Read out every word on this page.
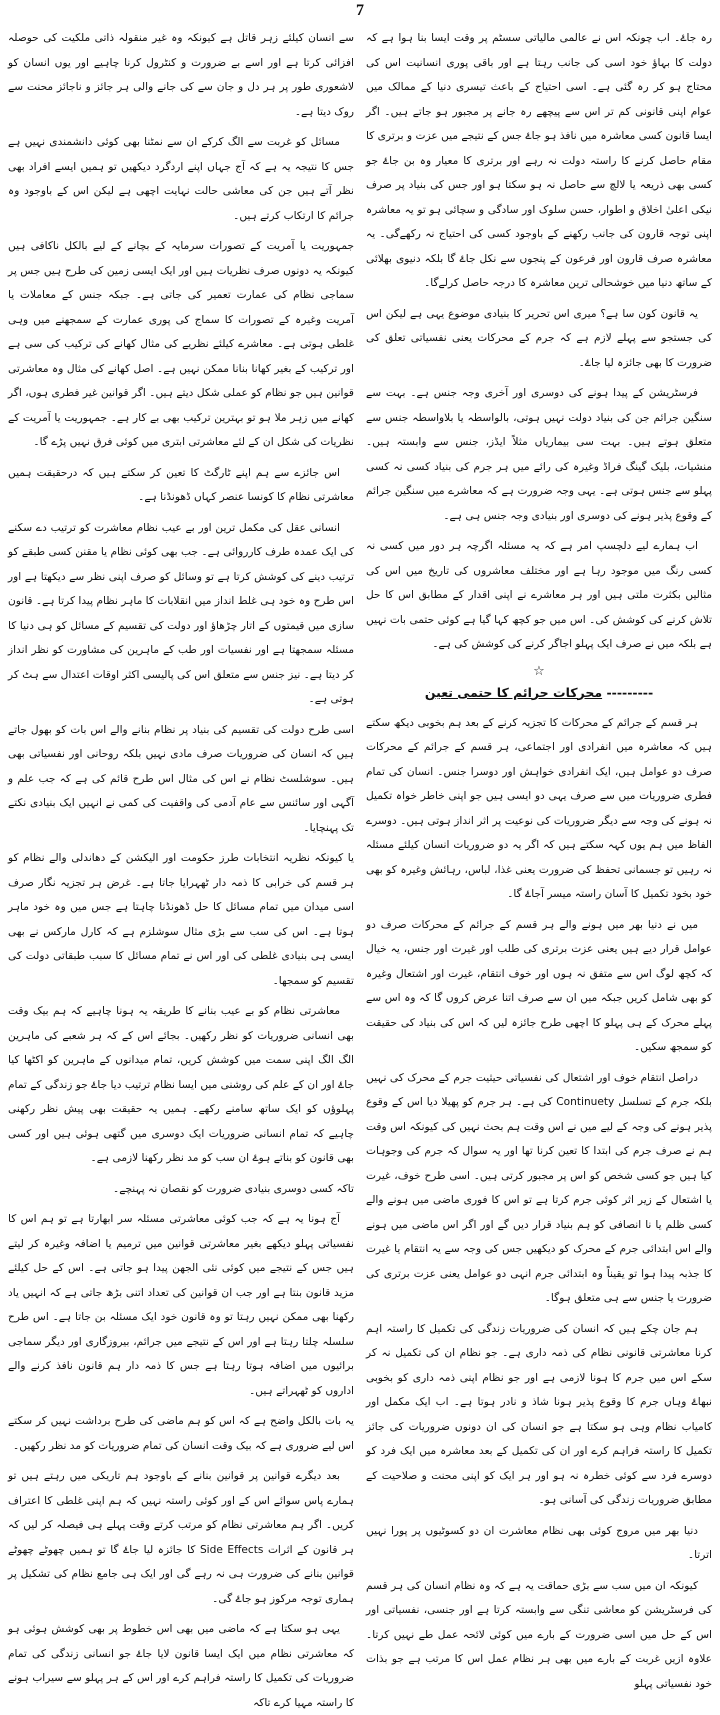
7

سے انسان کیلئے زہر قاتل ہے کیونکہ وہ غیر منقولہ ذاتی ملکیت کی حوصلہ افزائی کرتا ہے اور اسے بے ضرورت و کنٹرول کرنا چاہیے اور یوں انسان کو لاشعوری طور پر ہر دل و جان سے کی جانے والی ہر جائز و ناجائز محنت سے روک دیتا ہے۔

مسائل کو غربت سے الگ کرکے ان سے نمٹنا بھی کوئی دانشمندی نہیں ہے جس کا نتیجہ یہ ہے کہ آج جہاں اپنے اردگرد دیکھیں تو ہمیں ایسے افراد بھی نظر آتے ہیں جن کی معاشی حالت نہایت اچھی ہے لیکن اس کے باوجود وہ جرائم کا ارتکاب کرتے ہیں۔

جمہوریت یا آمریت کے تصورات سرمایہ کے بچانے کے لیے بالکل ناکافی ہیں کیونکہ یہ دونوں صرف نظریات ہیں اور ایک ایسی زمین کی طرح ہیں جس پر سماجی نظام کی عمارت تعمیر کی جاتی ہے۔ جبکہ جنس کے معاملات یا آمریت وغیرہ کے تصورات کا سماج کی پوری عمارت کے سمجھنے میں وہی غلطی ہوتی ہے۔ معاشرے کیلئے نظریے کی مثال کھانے کی ترکیب کی سی ہے اور ترکیب کے بغیر کھانا بنانا ممکن نہیں ہے۔ اصل کھانے کی مثال وہ معاشرتی قوانین ہیں جو نظام کو عملی شکل دیتے ہیں۔ اگر قوانین غیر فطری ہوں، اگر کھانے میں زہر ملا ہو تو بہترین ترکیب بھی بے کار ہے۔ جمہوریت یا آمریت کے نظریات کی شکل ان کے لئے معاشرتی ابتری میں کوئی فرق نہیں پڑے گا۔

اس جائزے سے ہم اپنے ٹارگٹ کا تعین کر سکتے ہیں کہ درحقیقت ہمیں معاشرتی نظام کا کونسا عنصر کہاں ڈھونڈنا ہے۔

انسانی عقل کی مکمل ترین اور بے عیب نظام معاشرت کو ترتیب دے سکنے کی ایک عمدہ طرف کارروائی ہے۔ جب بھی کوئی نظام یا مقنن کسی طبقے کو ترتیب دینے کی کوشش کرتا ہے تو وسائل کو صرف اپنی نظر سے دیکھتا ہے اور اس طرح وہ خود ہی غلط انداز میں انقلابات کا ماہر نظام پیدا کرتا ہے۔ قانون سازی میں قیمتوں کے اتار چڑھاؤ اور دولت کی تقسیم کے مسائل کو ہی دنیا کا مسئلہ سمجھتا ہے اور نفسیات اور طب کے ماہرین کی مشاورت کو نظر انداز کر دیتا ہے۔ نیز جنس سے متعلق اس کی پالیسی اکثر اوقات اعتدال سے ہٹ کر ہوتی ہے۔

اسی طرح دولت کی تقسیم کی بنیاد پر نظام بنانے والے اس بات کو بھول جاتے ہیں کہ انسان کی ضروریات صرف مادی نہیں بلکہ روحانی اور نفسیاتی بھی ہیں۔ سوشلسٹ نظام نے اس کی مثال اس طرح قائم کی ہے کہ جب علم و آگہی اور سائنس سے عام آدمی کی واقفیت کی کمی نے انہیں ایک بنیادی نکتے تک پہنچایا۔

یا کیونکہ نظریہ انتخابات طرز حکومت اور الیکشن کے دھاندلی والے نظام کو ہر قسم کی خرابی کا ذمہ دار ٹھہرایا جاتا ہے۔ غرض ہر تجزیہ نگار صرف اسی میدان میں تمام مسائل کا حل ڈھونڈنا چاہتا ہے جس میں وہ خود ماہر ہوتا ہے۔ اس کی سب سے بڑی مثال سوشلزم ہے کہ کارل مارکس نے بھی ایسی ہی بنیادی غلطی کی اور اس نے تمام مسائل کا سبب طبقاتی دولت کی تقسیم کو سمجھا۔

معاشرتی نظام کو بے عیب بنانے کا طریقہ یہ ہونا چاہیے کہ ہم بیک وقت بھی انسانی ضروریات کو نظر رکھیں۔ بجائے اس کے کہ ہر شعبے کی ماہرین الگ الگ اپنی سمت میں کوشش کریں، تمام میدانوں کے ماہرین کو اکٹھا کیا جاۓ اور ان کے علم کی روشنی میں ایسا نظام ترتیب دیا جاۓ جو زندگی کے تمام پہلوؤں کو ایک ساتھ سامنے رکھے۔ ہمیں یہ حقیقت بھی پیش نظر رکھنی چاہیے کہ تمام انسانی ضروریات ایک دوسری میں گتھی ہوئی ہیں اور کسی بھی قانون کو بناتے ہوۓ ان سب کو مد نظر رکھنا لازمی ہے۔

تاکہ کسی دوسری بنیادی ضرورت کو نقصان نہ پہنچے۔

آج ہونا یہ ہے کہ جب کوئی معاشرتی مسئلہ سر ابھارتا ہے تو ہم اس کا نفسیاتی پہلو دیکھے بغیر معاشرتی قوانین میں ترمیم یا اضافہ وغیرہ کر لیتے ہیں جس کے نتیجے میں کوئی نئی الجھن پیدا ہو جاتی ہے۔ اس کے حل کیلئے مزید قانون بنتا ہے اور جب ان قوانین کی تعداد اتنی بڑھ جاتی ہے کہ انہیں یاد رکھنا بھی ممکن نہیں رہتا تو وہ قانون خود ایک مسئلہ بن جاتا ہے۔ اس طرح سلسلہ چلتا رہتا ہے اور اس کے نتیجے میں جرائم، بیروزگاری اور دیگر سماجی برائیوں میں اضافہ ہوتا رہتا ہے جس کا ذمہ دار ہم قانون نافذ کرنے والے اداروں کو ٹھہراتے ہیں۔

یہ بات بالکل واضح ہے کہ اس کو ہم ماضی کی طرح برداشت نہیں کر سکتے اس لیے ضروری ہے کہ بیک وقت انسان کی تمام ضروریات کو مد نظر رکھیں۔

بعد دیگرے قوانین پر قوانین بنانے کے باوجود ہم تاریکی میں رہتے ہیں تو ہمارے پاس سوائے اس کے اور کوئی راستہ نہیں کہ ہم اپنی غلطی کا اعتراف کریں۔ اگر ہم معاشرتی نظام کو مرتب کرتے وقت پہلے ہی فیصلہ کر لیں کہ ہر قانون کے اثرات Side Effects کا جائزہ لیا جاۓ گا تو ہمیں چھوٹے چھوٹے قوانین بنانے کی ضرورت ہی نہ رہے گی اور ایک ہی جامع نظام کی تشکیل پر ہماری توجہ مرکوز ہو جاۓ گی۔

یہی ہو سکتا ہے کہ ماضی میں بھی اس خطوط پر بھی کوشش ہوئی ہو کہ معاشرتی نظام میں ایک ایسا قانون لایا جاۓ جو انسانی زندگی کی تمام ضروریات کی تکمیل کا راستہ فراہم کرے اور اس کے ہر پہلو سے سیراب ہونے کا راستہ مہیا کرے تاکہ

رہ جاۓ۔ اب چونکہ اس نے عالمی مالیاتی سسٹم پر وقت ایسا بنا ہوا ہے کہ دولت کا بہاؤ خود اسی کی جانب رہتا ہے اور باقی پوری انسانیت اس کی محتاج ہو کر رہ گئی ہے۔ اسی احتیاج کے باعث تیسری دنیا کے ممالک میں عوام اپنی قانونی کم تر اس سے پیچھے رہ جانے پر مجبور ہو جاتے ہیں۔ اگر ایسا قانون کسی معاشرہ میں نافذ ہو جاۓ جس کے نتیجے میں عزت و برتری کا مقام حاصل کرنے کا راستہ دولت نہ رہے اور برتری کا معیار وہ بن جاۓ جو کسی بھی ذریعہ یا لالچ سے حاصل نہ ہو سکتا ہو اور جس کی بنیاد پر صرف نیکی اعلیٰ اخلاق و اطوار، حسن سلوک اور سادگی و سچائی ہو تو یہ معاشرہ اپنی توجہ قارون کی جانب رکھنے کے باوجود کسی کی احتیاج نہ رکھےگی۔ یہ معاشرہ صرف قارون اور فرعون کے پنجوں سے نکل جاۓ گا بلکہ دنیوی بھلائی کے ساتھ دنیا میں خوشحالی ترین معاشرہ کا درجہ حاصل کرلےگا۔

یہ قانون کون سا ہے؟ میری اس تحریر کا بنیادی موضوع یہی ہے لیکن اس کی جستجو سے پہلے لازم ہے کہ جرم کے محرکات یعنی نفسیاتی تعلق کی ضرورت کا بھی جائزہ لیا جاۓ۔

فرسٹریشن کے پیدا ہونے کی دوسری اور آخری وجہ جنس ہے۔ بہت سے سنگین جرائم جن کی بنیاد دولت نہیں ہوتی، بالواسطہ یا بلاواسطہ جنس سے متعلق ہوتے ہیں۔ بہت سی بیماریاں مثلاً ایڈز، جنس سے وابستہ ہیں۔ منشیات، بلیک گینگ فراڈ وغیرہ کی رائے میں ہر جرم کی بنیاد کسی نہ کسی پہلو سے جنس ہوتی ہے۔ یہی وجہ ضرورت ہے کہ معاشرے میں سنگین جرائم کے وقوع پذیر ہونے کی دوسری اور بنیادی وجہ جنس ہی ہے۔

اب ہمارے لیے دلچسپ امر ہے کہ یہ مسئلہ اگرچہ ہر دور میں کسی نہ کسی رنگ میں موجود رہا ہے اور مختلف معاشروں کی تاریخ میں اس کی مثالیں بکثرت ملتی ہیں اور ہر معاشرے نے اپنی اقدار کے مطابق اس کا حل تلاش کرنے کی کوشش کی۔ اس میں جو کچھ کہا گیا ہے کوئی حتمی بات نہیں ہے بلکہ میں نے صرف ایک پہلو اجاگر کرنے کی کوشش کی ہے۔

☆
--------- محرکات جرائم کا حتمی تعین

ہر قسم کے جرائم کے محرکات کا تجزیہ کرنے کے بعد ہم بخوبی دیکھ سکتے ہیں کہ معاشرہ میں انفرادی اور اجتماعی، ہر قسم کے جرائم کے محرکات صرف دو عوامل ہیں، ایک انفرادی خواہش اور دوسرا جنس۔ انسان کی تمام فطری ضروریات میں سے صرف یہی دو ایسی ہیں جو اپنی خاطر خواہ تکمیل نہ ہونے کی وجہ سے دیگر ضروریات کی نوعیت پر اثر انداز ہوتی ہیں۔ دوسرے الفاظ میں ہم یوں کہہ سکتے ہیں کہ اگر یہ دو ضروریات انسان کیلئے مسئلہ نہ رہیں تو جسمانی تحفظ کی ضرورت یعنی غذا، لباس، رہائش وغیرہ کو بھی خود بخود تکمیل کا آسان راستہ میسر آجاۓ گا۔

میں نے دنیا بھر میں ہونے والے ہر قسم کے جرائم کے محرکات صرف دو عوامل قرار دیے ہیں یعنی عزت برتری کی طلب اور غیرت اور جنس، یہ خیال کہ کچھ لوگ اس سے متفق نہ ہوں اور خوف انتقام، غیرت اور اشتعال وغیرہ کو بھی شامل کریں جبکہ میں ان سے صرف اتنا عرض کروں گا کہ وہ اس سے پہلے محرک کے ہی پہلو کا اچھی طرح جائزہ لیں کہ اس کی بنیاد کی حقیقت کو سمجھ سکیں۔

دراصل انتقام خوف اور اشتعال کی نفسیاتی حیثیت جرم کے محرک کی نہیں بلکہ جرم کے تسلسل Continuety کی ہے۔ ہر جرم کو پھیلا دیا اس کے وقوع پذیر ہونے کی وجہ کے لیے میں نے اس وقت ہم بحث نہیں کی کیونکہ اس وقت ہم نے صرف جرم کی ابتدا کا تعین کرنا تھا اور یہ سوال کہ جرم کی وجوہات کیا ہیں جو کسی شخص کو اس پر مجبور کرتی ہیں۔ اسی طرح خوف، غیرت یا اشتعال کے زیر اثر کوئی جرم کرتا ہے تو اس کا فوری ماضی میں ہونے والے کسی ظلم یا نا انصافی کو ہم بنیاد قرار دیں گے اور اگر اس ماضی میں ہونے والے اس ابتدائی جرم کے محرک کو دیکھیں جس کی وجہ سے یہ انتقام یا غیرت کا جذبہ پیدا ہوا تو یقیناً وہ ابتدائی جرم انہی دو عوامل یعنی عزت برتری کی ضرورت یا جنس سے ہی متعلق ہوگا۔

ہم جان چکے ہیں کہ انسان کی ضروریات زندگی کی تکمیل کا راستہ اہم کرنا معاشرتی قانونی نظام کی ذمہ داری ہے۔ جو نظام ان کی تکمیل نہ کر سکے اس میں جرم کا ہونا لازمی ہے اور جو نظام اپنی ذمہ داری کو بخوبی نبھاۓ وہاں جرم کا وقوع پذیر ہونا شاذ و نادر ہوتا ہے۔ اب ایک مکمل اور کامیاب نظام وہی ہو سکتا ہے جو انسان کی ان دونوں ضروریات کی جائز تکمیل کا راستہ فراہم کرے اور ان کی تکمیل کے بعد معاشرہ میں ایک فرد کو دوسرے فرد سے کوئی خطرہ نہ ہو اور ہر ایک کو اپنی محنت و صلاحیت کے مطابق ضروریات زندگی کی آسانی ہو۔

دنیا بھر میں مروج کوئی بھی نظام معاشرت ان دو کسوٹیوں پر پورا نہیں اترتا۔

کیونکہ ان میں سب سے بڑی حماقت یہ ہے کہ وہ نظام انسان کی ہر قسم کی فرسٹریشن کو معاشی تنگی سے وابستہ کرتا ہے اور جنسی، نفسیاتی اور اس کے حل میں اسی ضرورت کے بارے میں کوئی لائحہ عمل طے نہیں کرتا۔ علاوہ ازیں غربت کے بارے میں بھی ہر نظام عمل اس کا مرتب ہے جو بذات خود نفسیاتی پہلو
